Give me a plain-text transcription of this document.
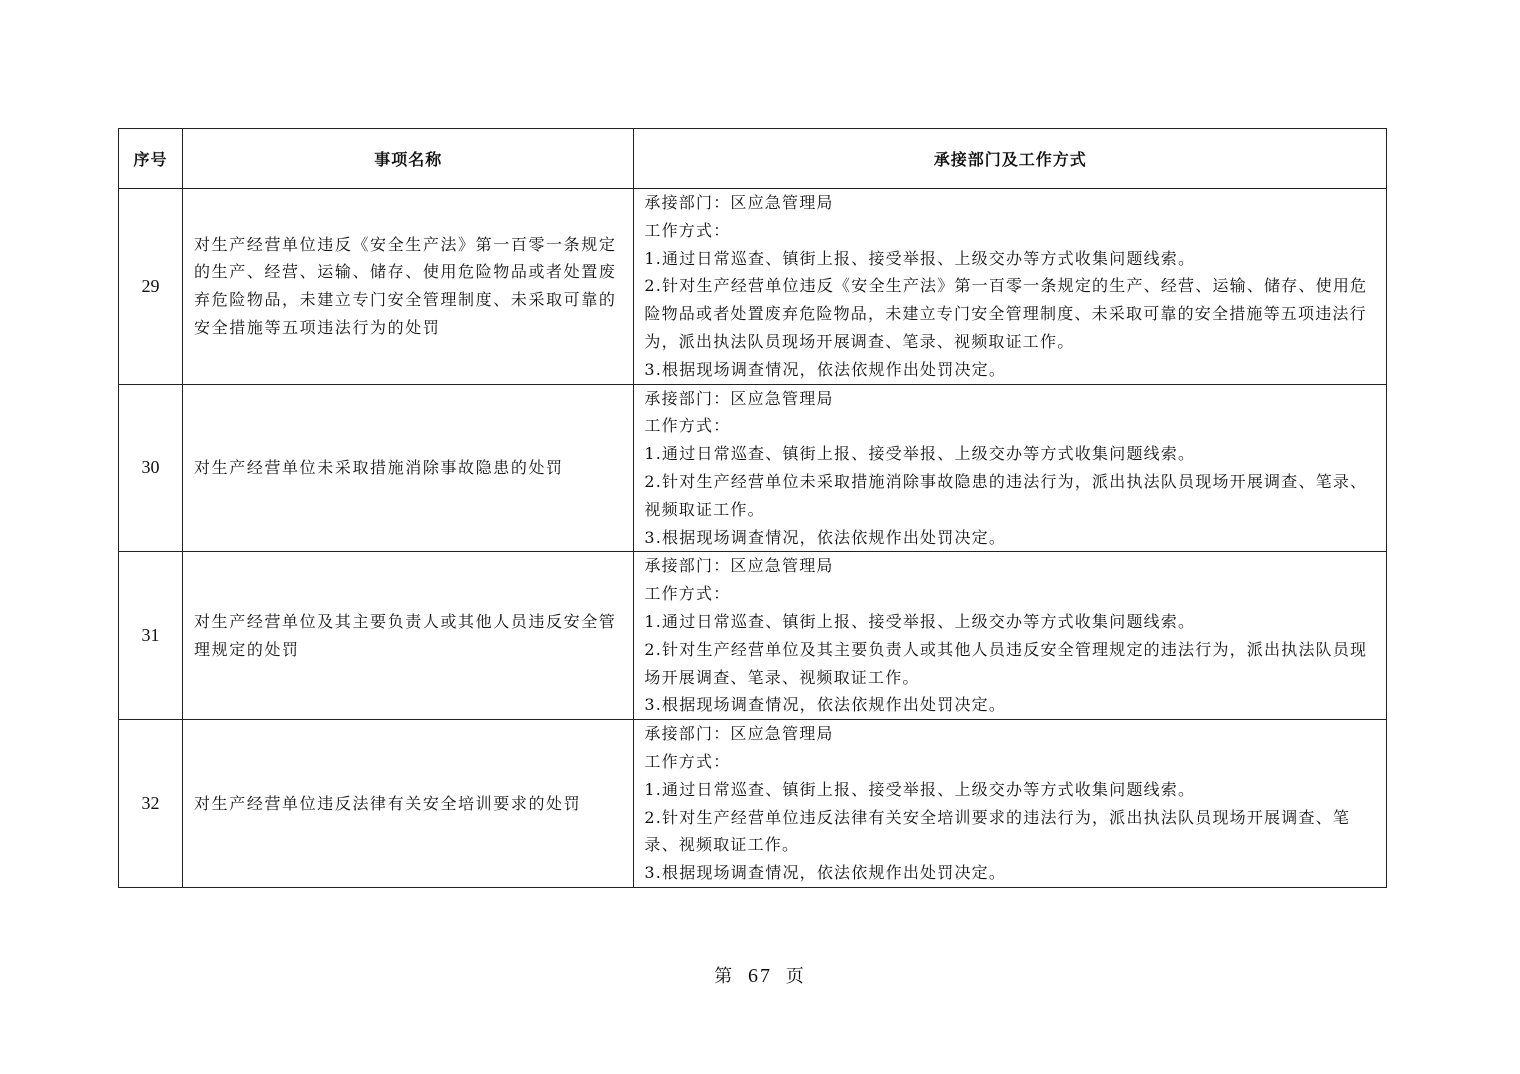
序号	事项名称	承接部门及工作方式
29	对生产经营单位违反《安全生产法》第一百零一条规定的生产、经营、运输、储存、使用危险物品或者处置废弃危险物品，未建立专门安全管理制度、未采取可靠的安全措施等五项违法行为的处罚	承接部门：区应急管理局
工作方式：
1.通过日常巡查、镇街上报、接受举报、上级交办等方式收集问题线索。
2.针对生产经营单位违反《安全生产法》第一百零一条规定的生产、经营、运输、储存、使用危险物品或者处置废弃危险物品，未建立专门安全管理制度、未采取可靠的安全措施等五项违法行为，派出执法队员现场开展调查、笔录、视频取证工作。
3.根据现场调查情况，依法依规作出处罚决定。

30	对生产经营单位未采取措施消除事故隐患的处罚	承接部门：区应急管理局
工作方式：
1.通过日常巡查、镇街上报、接受举报、上级交办等方式收集问题线索。
2.针对生产经营单位未采取措施消除事故隐患的违法行为，派出执法队员现场开展调查、笔录、视频取证工作。
3.根据现场调查情况，依法依规作出处罚决定。

31	对生产经营单位及其主要负责人或其他人员违反安全管理规定的处罚	承接部门：区应急管理局
工作方式：
1.通过日常巡查、镇街上报、接受举报、上级交办等方式收集问题线索。
2.针对生产经营单位及其主要负责人或其他人员违反安全管理规定的违法行为，派出执法队员现场开展调查、笔录、视频取证工作。
3.根据现场调查情况，依法依规作出处罚决定。

32	对生产经营单位违反法律有关安全培训要求的处罚	承接部门：区应急管理局
工作方式：
1.通过日常巡查、镇街上报、接受举报、上级交办等方式收集问题线索。
2.针对生产经营单位违反法律有关安全培训要求的违法行为，派出执法队员现场开展调查、笔录、视频取证工作。
3.根据现场调查情况，依法依规作出处罚决定。
第 67 页
